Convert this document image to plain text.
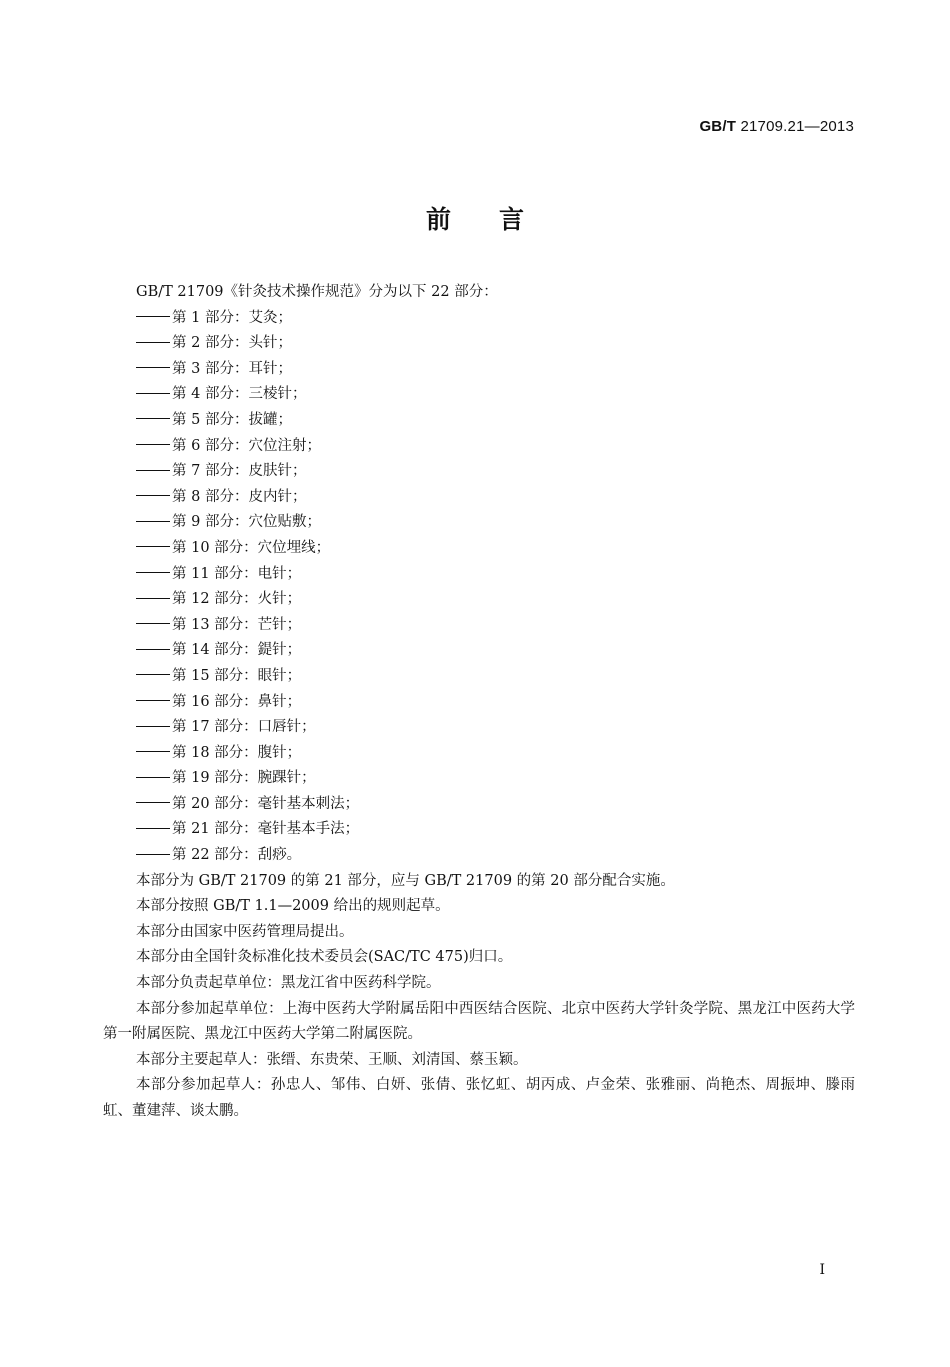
GB/T 21709.21—2013
前言
GB/T 21709《针灸技术操作规范》分为以下 22 部分：
第 1 部分：艾灸；
第 2 部分：头针；
第 3 部分：耳针；
第 4 部分：三棱针；
第 5 部分：拔罐；
第 6 部分：穴位注射；
第 7 部分：皮肤针；
第 8 部分：皮内针；
第 9 部分：穴位贴敷；
第 10 部分：穴位埋线；
第 11 部分：电针；
第 12 部分：火针；
第 13 部分：芒针；
第 14 部分：鍉针；
第 15 部分：眼针；
第 16 部分：鼻针；
第 17 部分：口唇针；
第 18 部分：腹针；
第 19 部分：腕踝针；
第 20 部分：毫针基本刺法；
第 21 部分：毫针基本手法；
第 22 部分：刮痧。
本部分为 GB/T 21709 的第 21 部分，应与 GB/T 21709 的第 20 部分配合实施。
本部分按照 GB/T 1.1—2009 给出的规则起草。
本部分由国家中医药管理局提出。
本部分由全国针灸标准化技术委员会(SAC/TC 475)归口。
本部分负责起草单位：黑龙江省中医药科学院。
本部分参加起草单位：上海中医药大学附属岳阳中西医结合医院、北京中医药大学针灸学院、黑龙江中医药大学第一附属医院、黑龙江中医药大学第二附属医院。
本部分主要起草人：张缙、东贵荣、王顺、刘清国、蔡玉颖。
本部分参加起草人：孙忠人、邹伟、白妍、张倩、张忆虹、胡丙成、卢金荣、张雅丽、尚艳杰、周振坤、滕雨虹、董建萍、谈太鹏。
I
